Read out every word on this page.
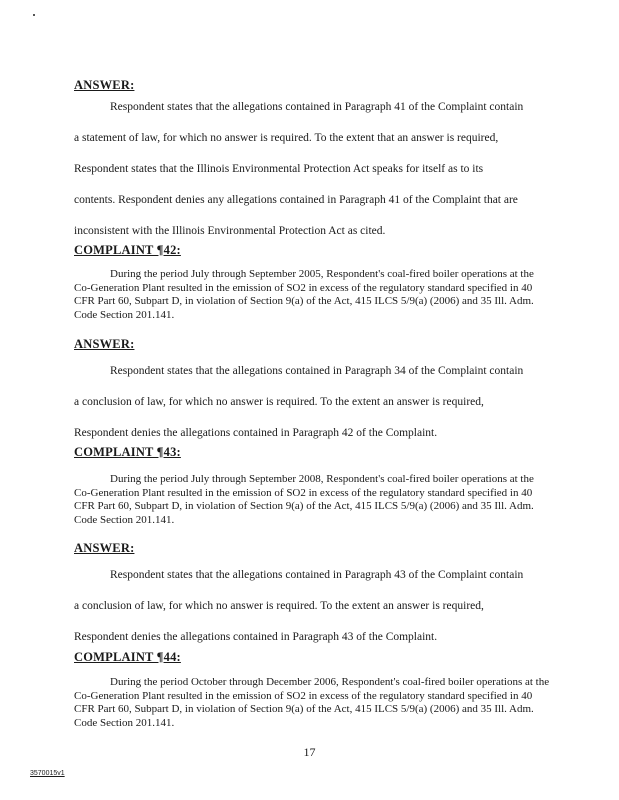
ANSWER:
Respondent states that the allegations contained in Paragraph 41 of the Complaint contain
a statement of law, for which no answer is required. To the extent that an answer is required,
Respondent states that the Illinois Environmental Protection Act speaks for itself as to its
contents. Respondent denies any allegations contained in Paragraph 41 of the Complaint that are
inconsistent with the Illinois Environmental Protection Act as cited.
COMPLAINT ¶42:

During the period July through September 2005, Respondent's coal-fired boiler operations at the Co-Generation Plant resulted in the emission of SO2 in excess of the regulatory standard specified in 40 CFR Part 60, Subpart D, in violation of Section 9(a) of the Act, 415 ILCS 5/9(a) (2006) and 35 Ill. Adm. Code Section 201.141.

ANSWER:
Respondent states that the allegations contained in Paragraph 34 of the Complaint contain
a conclusion of law, for which no answer is required. To the extent an answer is required,
Respondent denies the allegations contained in Paragraph 42 of the Complaint.
COMPLAINT ¶43:

During the period July through September 2008, Respondent's coal-fired boiler operations at the Co-Generation Plant resulted in the emission of SO2 in excess of the regulatory standard specified in 40 CFR Part 60, Subpart D, in violation of Section 9(a) of the Act, 415 ILCS 5/9(a) (2006) and 35 Ill. Adm. Code Section 201.141.

ANSWER:
Respondent states that the allegations contained in Paragraph 43 of the Complaint contain
a conclusion of law, for which no answer is required. To the extent an answer is required,
Respondent denies the allegations contained in Paragraph 43 of the Complaint.
COMPLAINT ¶44:

During the period October through December 2006, Respondent's coal-fired boiler operations at the Co-Generation Plant resulted in the emission of SO2 in excess of the regulatory standard specified in 40 CFR Part 60, Subpart D, in violation of Section 9(a) of the Act, 415 ILCS 5/9(a) (2006) and 35 Ill. Adm. Code Section 201.141.

17
3570015v1
